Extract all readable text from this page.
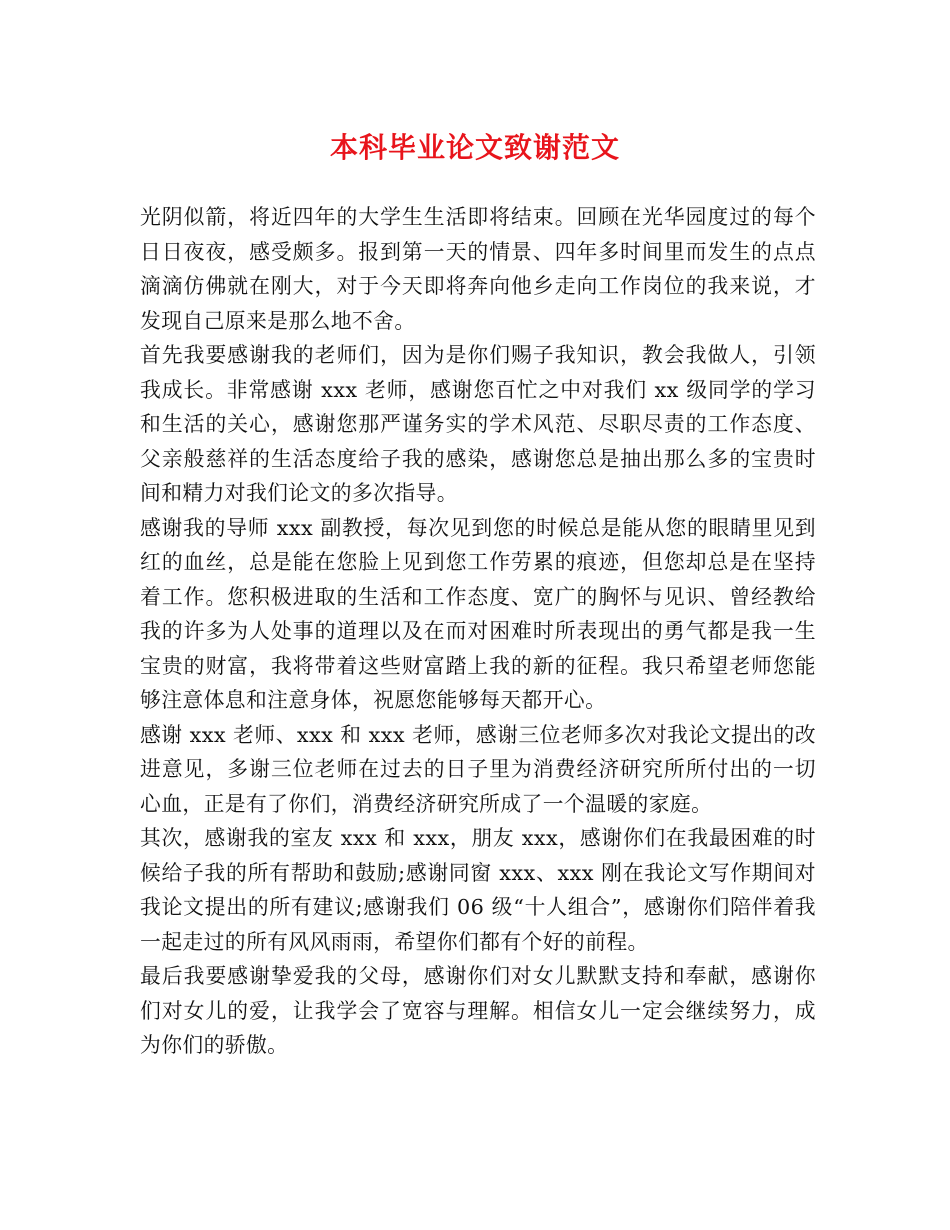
本科毕业论文致谢范文

光阴似箭，将近四年的大学生生活即将结束。回顾在光华园度过的每个日日夜夜，感受颇多。报到第一天的情景、四年多时间里而发生的点点滴滴仿佛就在刚大，对于今天即将奔向他乡走向工作岗位的我来说，才发现自己原来是那么地不舍。

首先我要感谢我的老师们，因为是你们赐子我知识，教会我做人，引领我成长。非常感谢 xxx 老师，感谢您百忙之中对我们 xx 级同学的学习和生活的关心，感谢您那严谨务实的学术风范、尽职尽责的工作态度、父亲般慈祥的生活态度给子我的感染，感谢您总是抽出那么多的宝贵时间和精力对我们论文的多次指导。

感谢我的导师 xxx 副教授，每次见到您的时候总是能从您的眼睛里见到红的血丝，总是能在您脸上见到您工作劳累的痕迹，但您却总是在坚持着工作。您积极进取的生活和工作态度、宽广的胸怀与见识、曾经教给我的许多为人处事的道理以及在而对困难时所表现出的勇气都是我一生宝贵的财富，我将带着这些财富踏上我的新的征程。我只希望老师您能够注意体息和注意身体，祝愿您能够每天都开心。

感谢 xxx 老师、xxx 和 xxx 老师，感谢三位老师多次对我论文提出的改进意见，多谢三位老师在过去的日子里为消费经济研究所所付出的一切心血，正是有了你们，消费经济研究所成了一个温暖的家庭。

其次，感谢我的室友 xxx 和 xxx，朋友 xxx，感谢你们在我最困难的时候给子我的所有帮助和鼓励;感谢同窗 xxx、xxx 刚在我论文写作期间对我论文提出的所有建议;感谢我们 06 级“十人组合”，感谢你们陪伴着我一起走过的所有风风雨雨，希望你们都有个好的前程。

最后我要感谢挚爱我的父母，感谢你们对女儿默默支持和奉献，感谢你们对女儿的爱，让我学会了宽容与理解。相信女儿一定会继续努力，成为你们的骄傲。
